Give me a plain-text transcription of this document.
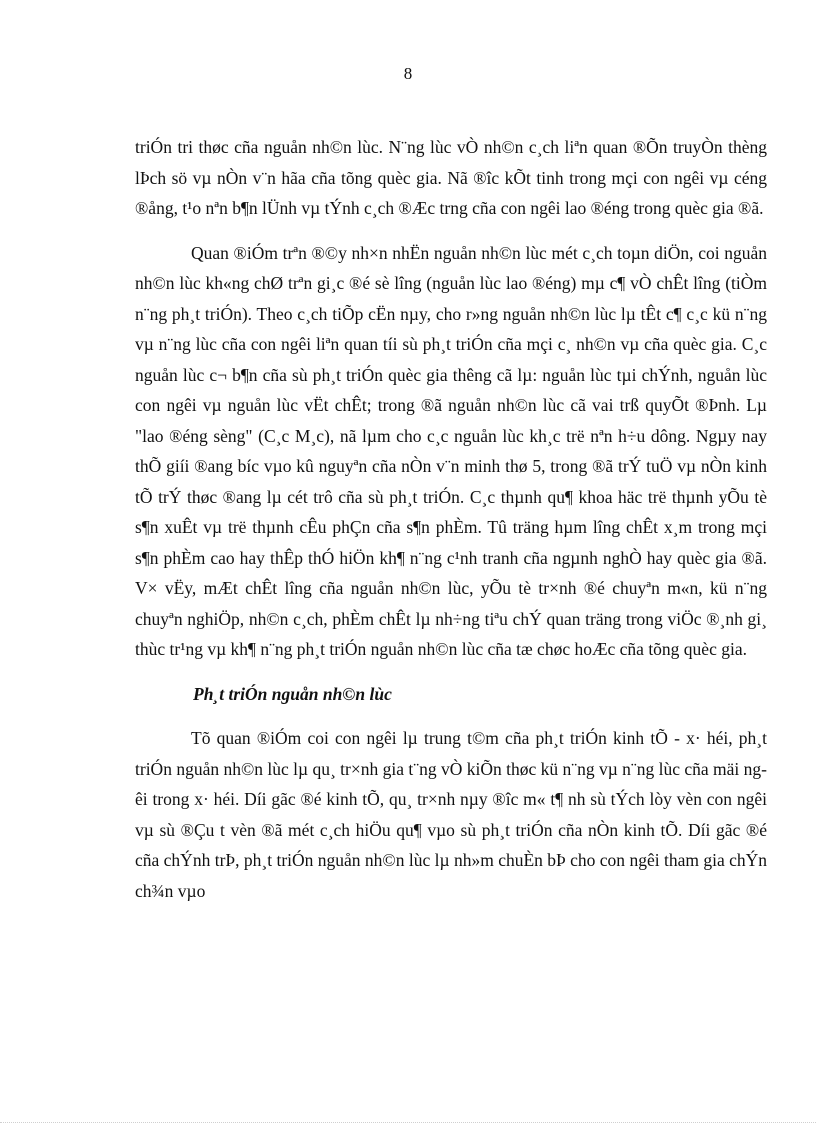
8

triÓn tri thøc cña nguån nh©n lùc. N¨ng lùc vÒ nh©n c¸ch liªn quan ®Õn truyÒn thèng lÞch sö vµ nÒn v¨n hãa cña tõng quèc gia. Nã ®îc kÕt tinh trong mçi con ngêi vµ céng ®ång, t¹o nªn b¶n lÜnh vµ tÝnh c¸ch ®Æc trng cña con ngêi lao ®éng trong quèc gia ®ã.

Quan ®iÓm trªn ®©y nh×n nhËn nguån nh©n lùc mét c¸ch toµn diÖn, coi nguån nh©n lùc kh«ng chØ trªn gi¸c ®é sè lîng (nguån lùc lao ®éng) mµ c¶ vÒ chÊt lîng (tiÒm n¨ng ph¸t triÓn). Theo c¸ch tiÕp cËn nµy, cho r»ng nguån nh©n lùc lµ tÊt c¶ c¸c kü n¨ng vµ n¨ng lùc cña con ngêi liªn quan tíi sù ph¸t triÓn cña mçi c¸ nh©n vµ cña quèc gia. C¸c nguån lùc c¬ b¶n cña sù ph¸t triÓn quèc gia thêng cã lµ: nguån lùc tµi chÝnh, nguån lùc con ngêi vµ nguån lùc vËt chÊt; trong ®ã nguån nh©n lùc cã vai trß quyÕt ®Þnh. Lµ "lao ®éng sèng" (C¸c M¸c), nã lµm cho c¸c nguån lùc kh¸c trë nªn h÷u dông. Ngµy nay thÕ giíi ®ang bíc vµo kû nguyªn cña nÒn v¨n minh thø 5, trong ®ã trÝ tuÖ vµ nÒn kinh tÕ trÝ thøc ®ang lµ cét trô cña sù ph¸t triÓn. C¸c thµnh qu¶ khoa häc trë thµnh yÕu tè s¶n xuÊt vµ trë thµnh cÊu phÇn cña s¶n phÈm. Tû träng hµm lîng chÊt x¸m trong mçi s¶n phÈm cao hay thÊp thÓ hiÖn kh¶ n¨ng c¹nh tranh cña ngµnh nghÒ hay quèc gia ®ã. V× vËy, mÆt chÊt lîng cña nguån nh©n lùc, yÕu tè tr×nh ®é chuyªn m«n, kü n¨ng chuyªn nghiÖp, nh©n c¸ch, phÈm chÊt lµ nh÷ng tiªu chÝ quan träng trong viÖc ®¸nh gi¸ thùc tr¹ng vµ kh¶ n¨ng ph¸t triÓn nguån nh©n lùc cña tæ chøc hoÆc cña tõng quèc gia.

Ph¸t triÓn nguån nh©n lùc

Tõ quan ®iÓm coi con ngêi lµ trung t©m cña ph¸t triÓn kinh tÕ - x· héi, ph¸t triÓn nguån nh©n lùc lµ qu¸ tr×nh gia t¨ng vÒ kiÕn thøc kü n¨ng vµ n¨ng lùc cña mäi ngêi trong x· héi. Díi gãc ®é kinh tÕ, qu¸ tr×nh nµy ®îc m« t¶ nh sù tÝch lòy vèn con ngêi vµ sù ®Çu t vèn ®ã mét c¸ch hiÖu qu¶ vµo sù ph¸t triÓn cña nÒn kinh tÕ. Díi gãc ®é cña chÝnh trÞ, ph¸t triÓn nguån nh©n lùc lµ nh»m chuÈn bÞ cho con ngêi tham gia chÝn ch¾n vµo
